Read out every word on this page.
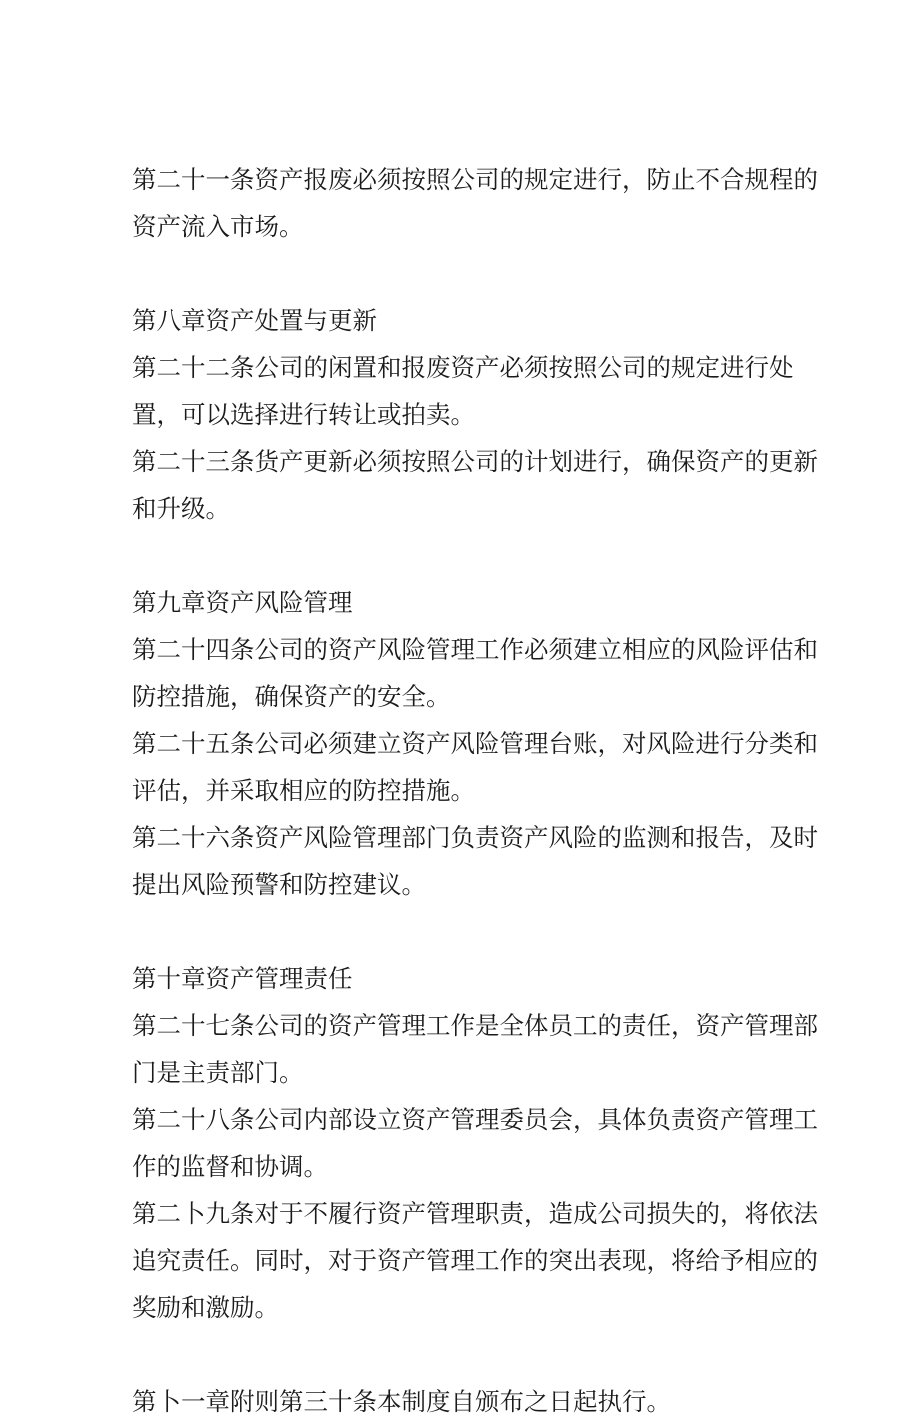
第二十一条资产报废必须按照公司的规定进行，防止不合规程的
资产流入市场。
第八章资产处置与更新
第二十二条公司的闲置和报废资产必须按照公司的规定进行处
置，可以选择进行转让或拍卖。
第二十三条货产更新必须按照公司的计划进行，确保资产的更新
和升级。
第九章资产风险管理
第二十四条公司的资产风险管理工作必须建立相应的风险评估和
防控措施，确保资产的安全。
第二十五条公司必须建立资产风险管理台账，对风险进行分类和
评估，并采取相应的防控措施。
第二十六条资产风险管理部门负责资产风险的监测和报告，及时
提出风险预警和防控建议。
第十章资产管理责任
第二十七条公司的资产管理工作是全体员工的责任，资产管理部
门是主责部门。
第二十八条公司内部设立资产管理委员会，具体负责资产管理工
作的监督和协调。
第二卜九条对于不履行资产管理职责，造成公司损失的，将依法
追究责任。同时，对于资产管理工作的突出表现，将给予相应的
奖励和激励。
第卜一章附则第三十条本制度自颁布之日起执行。
